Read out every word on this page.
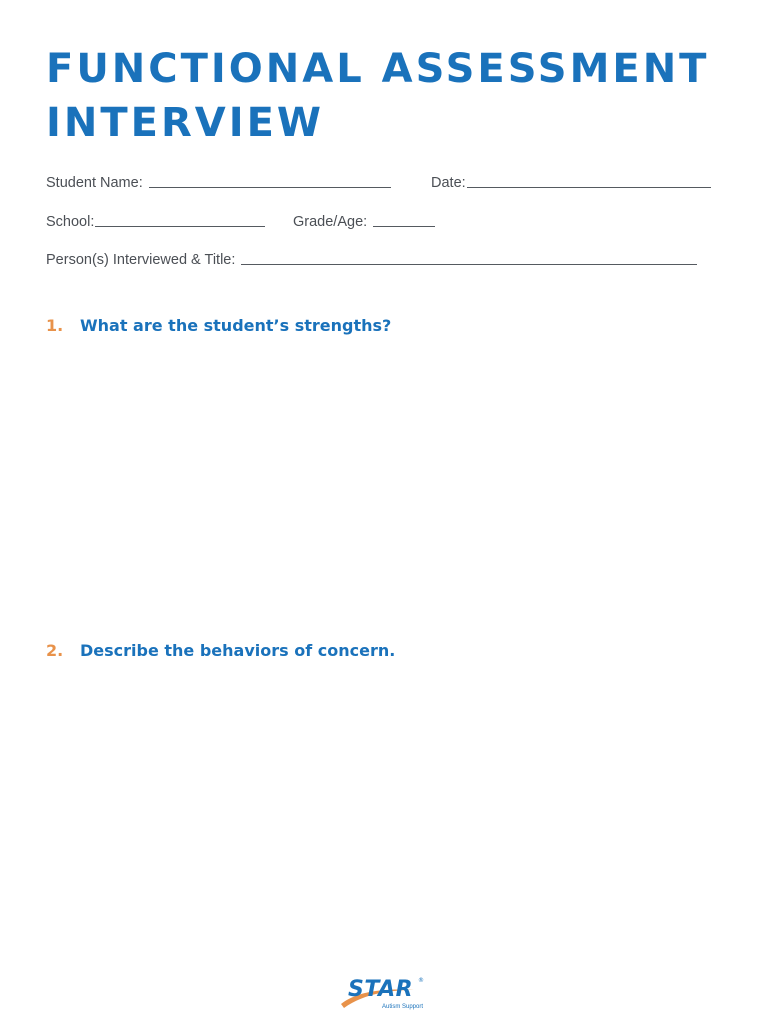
FUNCTIONAL ASSESSMENT
INTERVIEW
Student Name:	Date:
School:	Grade/Age:
Person(s) Interviewed & Title:
1.	What are the student’s strengths?
2.	Describe the behaviors of concern.
STAR ®
Autism Support
